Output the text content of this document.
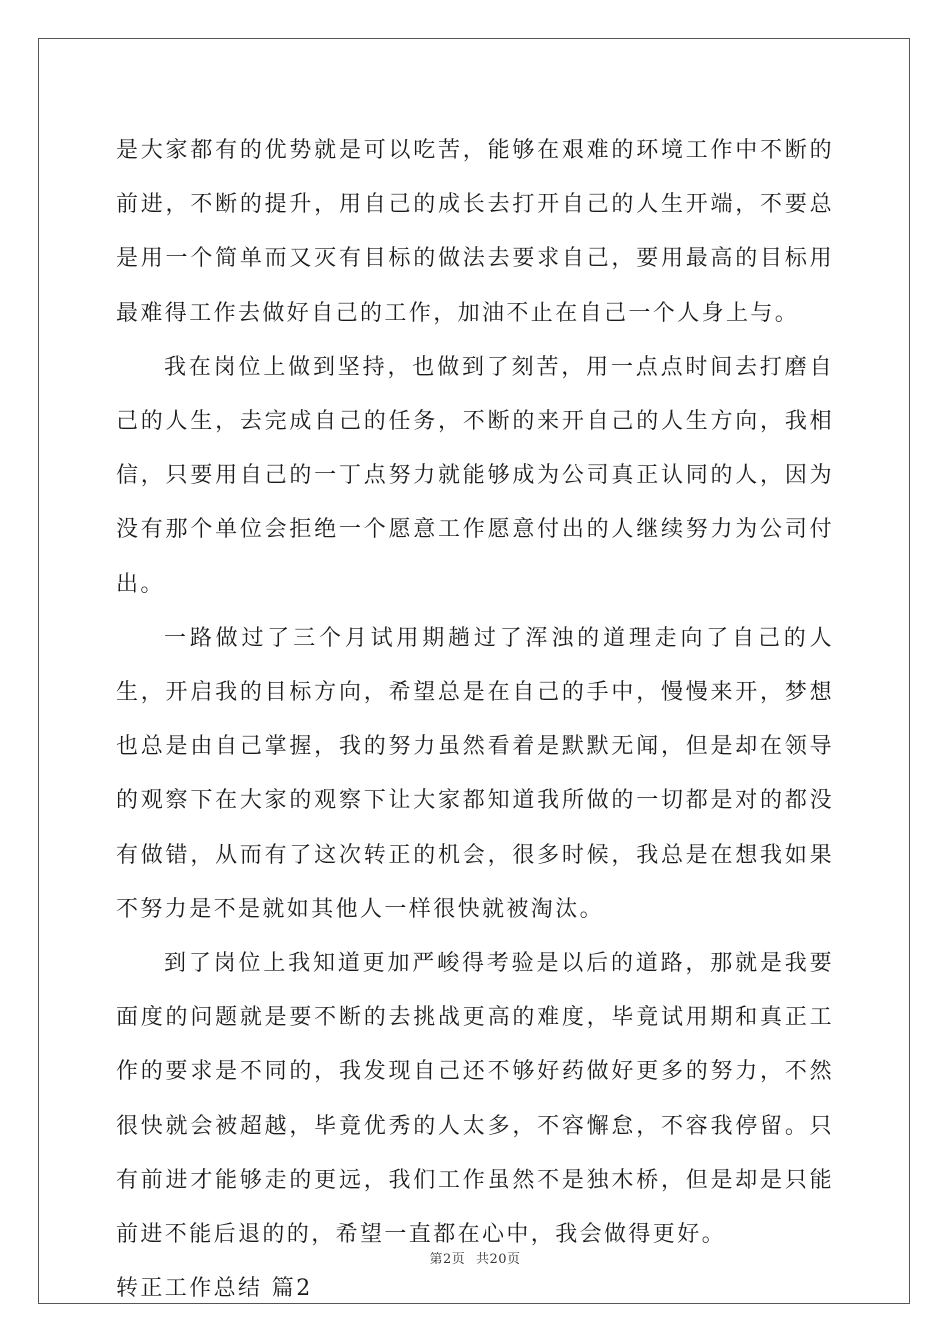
是大家都有的优势就是可以吃苦，能够在艰难的环境工作中不断的前进，不断的提升，用自己的成长去打开自己的人生开端，不要总是用一个简单而又灭有目标的做法去要求自己，要用最高的目标用最难得工作去做好自己的工作，加油不止在自己一个人身上与。

我在岗位上做到坚持，也做到了刻苦，用一点点时间去打磨自己的人生，去完成自己的任务，不断的来开自己的人生方向，我相信，只要用自己的一丁点努力就能够成为公司真正认同的人，因为没有那个单位会拒绝一个愿意工作愿意付出的人继续努力为公司付出。

一路做过了三个月试用期趟过了浑浊的道理走向了自己的人生，开启我的目标方向，希望总是在自己的手中，慢慢来开，梦想也总是由自己掌握，我的努力虽然看着是默默无闻，但是却在领导的观察下在大家的观察下让大家都知道我所做的一切都是对的都没有做错，从而有了这次转正的机会，很多时候，我总是在想我如果不努力是不是就如其他人一样很快就被淘汰。

到了岗位上我知道更加严峻得考验是以后的道路，那就是我要面度的问题就是要不断的去挑战更高的难度，毕竟试用期和真正工作的要求是不同的，我发现自己还不够好药做好更多的努力，不然很快就会被超越，毕竟优秀的人太多，不容懈怠，不容我停留。只有前进才能够走的更远，我们工作虽然不是独木桥，但是却是只能前进不能后退的的，希望一直都在心中，我会做得更好。

转正工作总结 篇2

第2页 共20页
